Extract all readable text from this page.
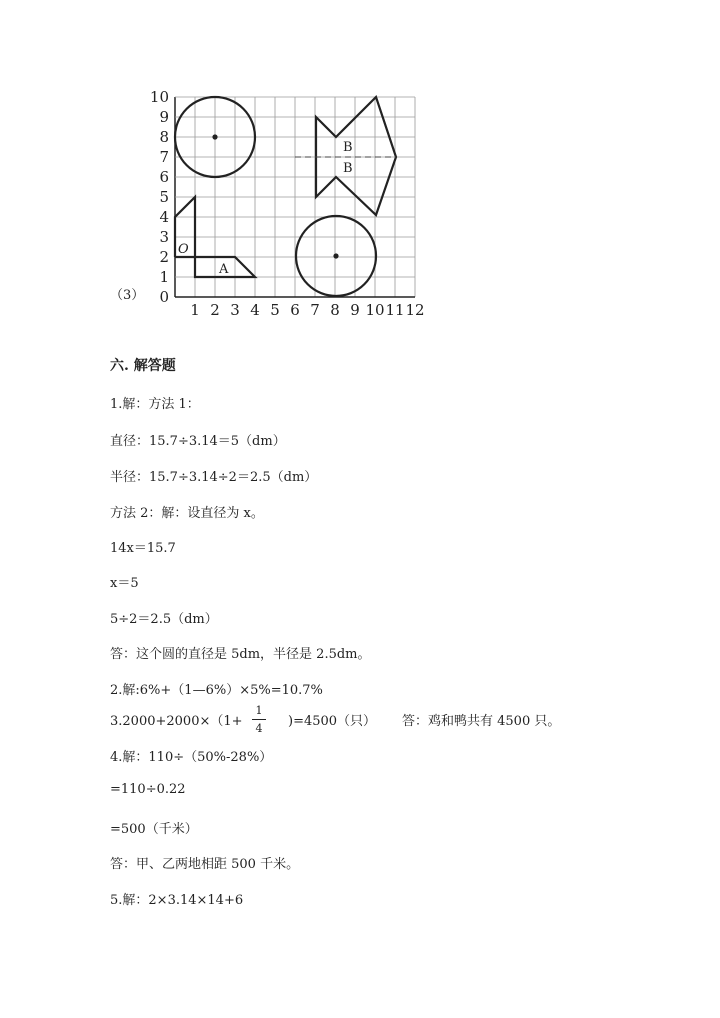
（3）
1 2 3 4 5 6 7 8 9 10 11 12
0
1
2
3
4
5
6
7
8
9
10
O
A
B
B
六. 解答题
1.解：方法 1：
直径：15.7÷3.14＝5（dm）
半径：15.7÷3.14÷2＝2.5（dm）
方法 2：解：设直径为 x。
14x＝15.7
x＝5
5÷2＝2.5（dm）
答：这个圆的直径是 5dm，半径是 2.5dm。
2.解:6%+（1—6%）×5%=10.7%
3.2000+2000×（1+
1
4 )=4500（只） 答：鸡和鸭共有 4500 只。
4.解：110÷（50%-28%）
=110÷0.22
=500（千米）
答：甲、乙两地相距 500 千米。
5.解：2×3.14×14+6
